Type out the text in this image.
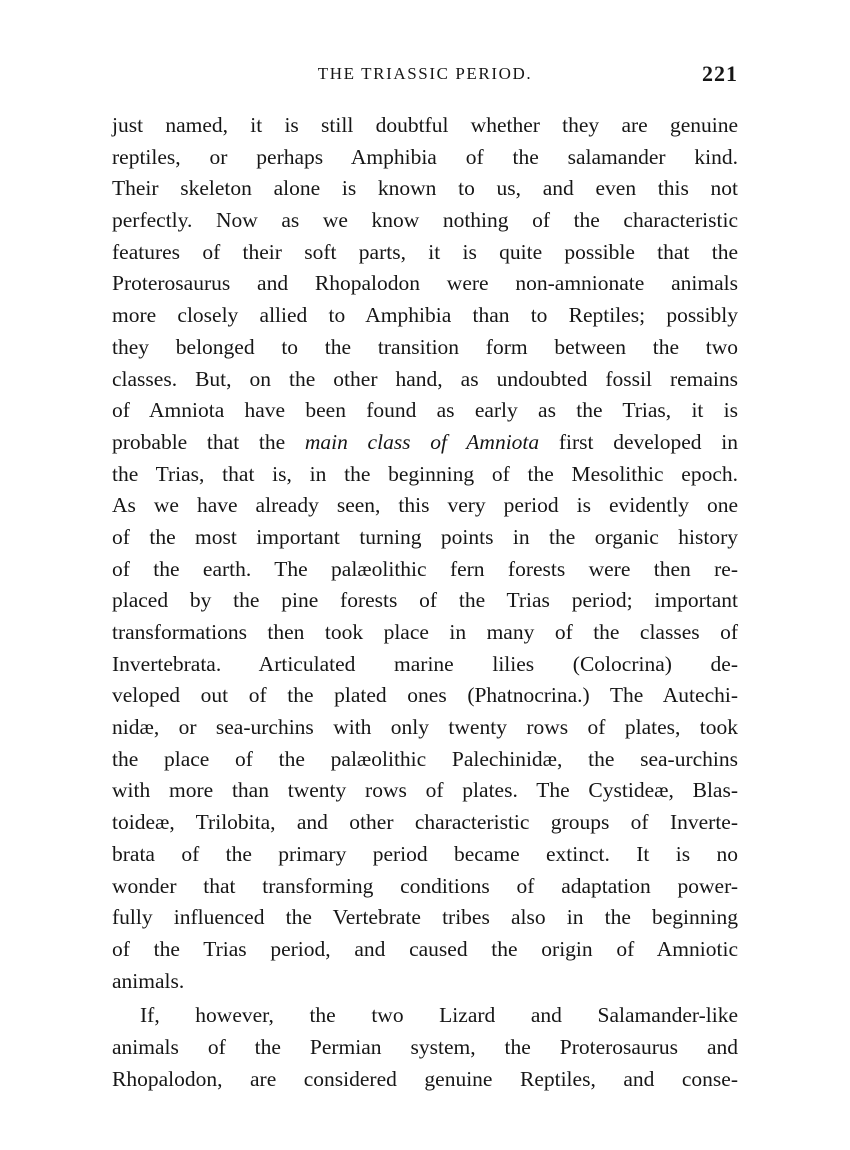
THE TRIASSIC PERIOD.	221
just named, it is still doubtful whether they are genuine
reptiles, or perhaps Amphibia of the salamander kind.
Their skeleton alone is known to us, and even this not
perfectly. Now as we know nothing of the characteristic
features of their soft parts, it is quite possible that the
Proterosaurus and Rhopalodon were non-amnionate animals
more closely allied to Amphibia than to Reptiles; possibly
they belonged to the transition form between the two
classes. But, on the other hand, as undoubted fossil remains
of Amniota have been found as early as the Trias, it is
probable that the main class of Amniota first developed in
the Trias, that is, in the beginning of the Mesolithic epoch.
As we have already seen, this very period is evidently one
of the most important turning points in the organic history
of the earth. The palæolithic fern forests were then re-
placed by the pine forests of the Trias period; important
transformations then took place in many of the classes of
Invertebrata. Articulated marine lilies (Colocrina) de-
veloped out of the plated ones (Phatnocrina.) The Autechi-
nidæ, or sea-urchins with only twenty rows of plates, took
the place of the palæolithic Palechinidæ, the sea-urchins
with more than twenty rows of plates. The Cystideæ, Blas-
toideæ, Trilobita, and other characteristic groups of Inverte-
brata of the primary period became extinct. It is no
wonder that transforming conditions of adaptation power-
fully influenced the Vertebrate tribes also in the beginning
of the Trias period, and caused the origin of Amniotic
animals.
If, however, the two Lizard and Salamander-like
animals of the Permian system, the Proterosaurus and
Rhopalodon, are considered genuine Reptiles, and conse-
